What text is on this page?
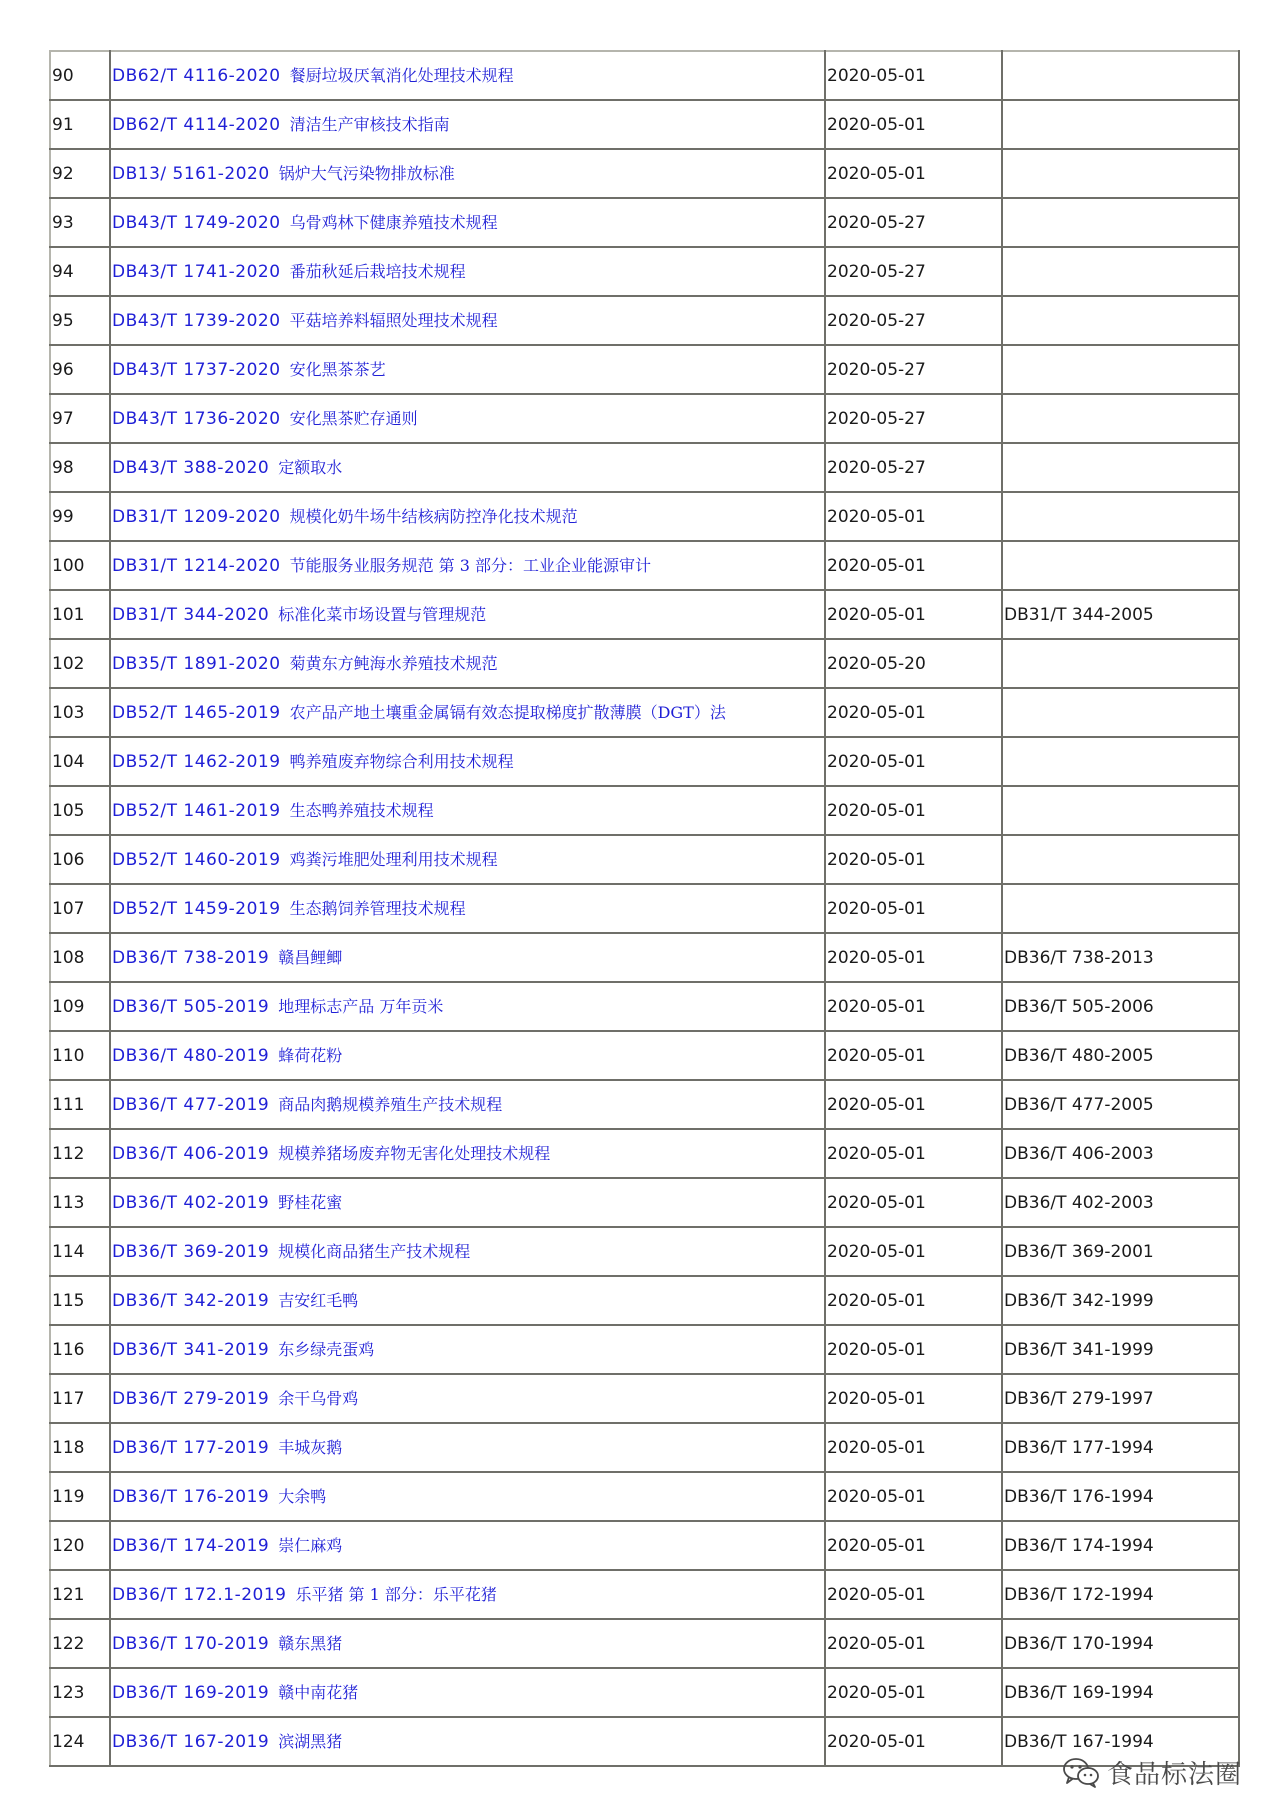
90	DB62/T 4116-2020 餐厨垃圾厌氧消化处理技术规程	2020-05-01	
91	DB62/T 4114-2020 清洁生产审核技术指南	2020-05-01	
92	DB13/ 5161-2020 锅炉大气污染物排放标准	2020-05-01	
93	DB43/T 1749-2020 乌骨鸡林下健康养殖技术规程	2020-05-27	
94	DB43/T 1741-2020 番茄秋延后栽培技术规程	2020-05-27	
95	DB43/T 1739-2020 平菇培养料辐照处理技术规程	2020-05-27	
96	DB43/T 1737-2020 安化黑茶茶艺	2020-05-27	
97	DB43/T 1736-2020 安化黑茶贮存通则	2020-05-27	
98	DB43/T 388-2020 定额取水	2020-05-27	
99	DB31/T 1209-2020 规模化奶牛场牛结核病防控净化技术规范	2020-05-01	
100	DB31/T 1214-2020 节能服务业服务规范 第 3 部分：工业企业能源审计	2020-05-01	
101	DB31/T 344-2020 标准化菜市场设置与管理规范	2020-05-01	DB31/T 344-2005
102	DB35/T 1891-2020 菊黄东方鲀海水养殖技术规范	2020-05-20	
103	DB52/T 1465-2019 农产品产地土壤重金属镉有效态提取梯度扩散薄膜（DGT）法	2020-05-01	
104	DB52/T 1462-2019 鸭养殖废弃物综合利用技术规程	2020-05-01	
105	DB52/T 1461-2019 生态鸭养殖技术规程	2020-05-01	
106	DB52/T 1460-2019 鸡粪污堆肥处理利用技术规程	2020-05-01	
107	DB52/T 1459-2019 生态鹅饲养管理技术规程	2020-05-01	
108	DB36/T 738-2019 赣昌鲤鲫	2020-05-01	DB36/T 738-2013
109	DB36/T 505-2019 地理标志产品 万年贡米	2020-05-01	DB36/T 505-2006
110	DB36/T 480-2019 蜂荷花粉	2020-05-01	DB36/T 480-2005
111	DB36/T 477-2019 商品肉鹅规模养殖生产技术规程	2020-05-01	DB36/T 477-2005
112	DB36/T 406-2019 规模养猪场废弃物无害化处理技术规程	2020-05-01	DB36/T 406-2003
113	DB36/T 402-2019 野桂花蜜	2020-05-01	DB36/T 402-2003
114	DB36/T 369-2019 规模化商品猪生产技术规程	2020-05-01	DB36/T 369-2001
115	DB36/T 342-2019 吉安红毛鸭	2020-05-01	DB36/T 342-1999
116	DB36/T 341-2019 东乡绿壳蛋鸡	2020-05-01	DB36/T 341-1999
117	DB36/T 279-2019 余干乌骨鸡	2020-05-01	DB36/T 279-1997
118	DB36/T 177-2019 丰城灰鹅	2020-05-01	DB36/T 177-1994
119	DB36/T 176-2019 大余鸭	2020-05-01	DB36/T 176-1994
120	DB36/T 174-2019 崇仁麻鸡	2020-05-01	DB36/T 174-1994
121	DB36/T 172.1-2019 乐平猪 第 1 部分：乐平花猪	2020-05-01	DB36/T 172-1994
122	DB36/T 170-2019 赣东黑猪	2020-05-01	DB36/T 170-1994
123	DB36/T 169-2019 赣中南花猪	2020-05-01	DB36/T 169-1994
124	DB36/T 167-2019 滨湖黑猪	2020-05-01	DB36/T 167-1994
食品标法圈
